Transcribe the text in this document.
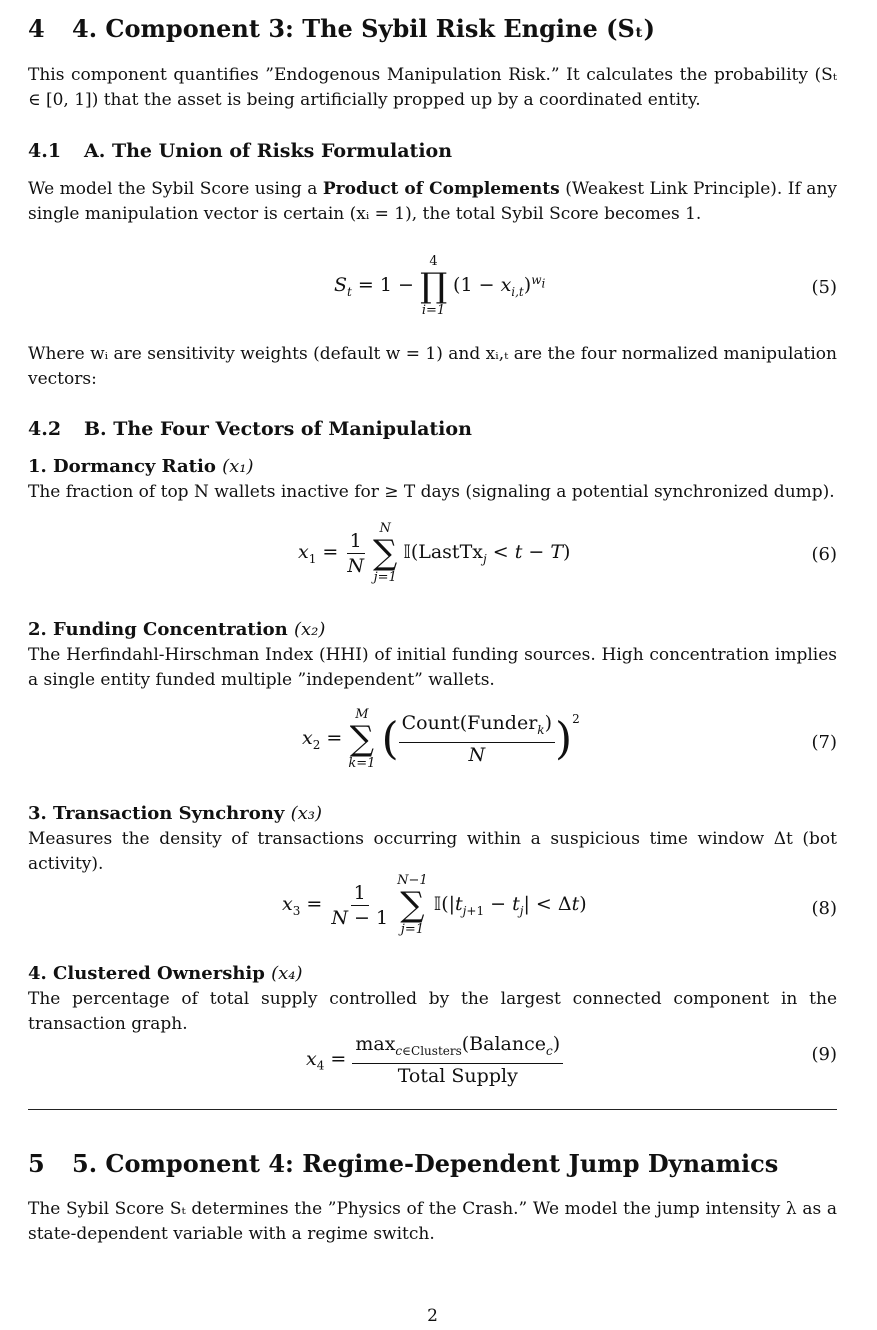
4 4. Component 3: The Sybil Risk Engine (Sₜ)
This component quantifies ”Endogenous Manipulation Risk.” It calculates the probability (Sₜ ∈ [0, 1]) that the asset is being artificially propped up by a coordinated entity.
4.1 A. The Union of Risks Formulation
We model the Sybil Score using a Product of Complements (Weakest Link Principle). If any single manipulation vector is certain (xᵢ = 1), the total Sybil Score becomes 1.
$S_t = 1$ −
4
∏
i=1
$(1 - x_{i,t})^{w_i}$	(5)
Where wᵢ are sensitivity weights (default w = 1) and xᵢ,ₜ are the four normalized manipulation vectors:
4.2 B. The Four Vectors of Manipulation
1. Dormancy Ratio (x₁)
The fraction of top N wallets inactive for ≥ T days (signaling a potential synchronized dump).
$x_1 = \frac{1}{N}$
N
∑
j=1
𝕀(LastTx$_j$ < t − T)	(6)
2. Funding Concentration (x₂)
The Herfindahl-Hirschman Index (HHI) of initial funding sources. High concentration implies a single entity funded multiple ”independent” wallets.
$x_2$ =
M
∑
k=1 ( $\frac{Count(Funder_k)}{N} )^2$
(7)
3. Transaction Synchrony (x₃)
Measures the density of transactions occurring within a suspicious time window Δt (bot activity).
$x_3 = \frac{1}{N - 1}$
N−1
∑
j=1
$𝕀(|t_{j+1} - t_j| < \Delta t)$	(8)
4. Clustered Ownership (x₄)
The percentage of total supply controlled by the largest connected component in the transaction graph.
$x_4 = \frac{\max_{c\in Clusters}(Balance_c)}{\text{Total Supply}}$	(9)
5 5. Component 4: Regime-Dependent Jump Dynamics
The Sybil Score Sₜ determines the ”Physics of the Crash.” We model the jump intensity λ as a state-dependent variable with a regime switch.
2
